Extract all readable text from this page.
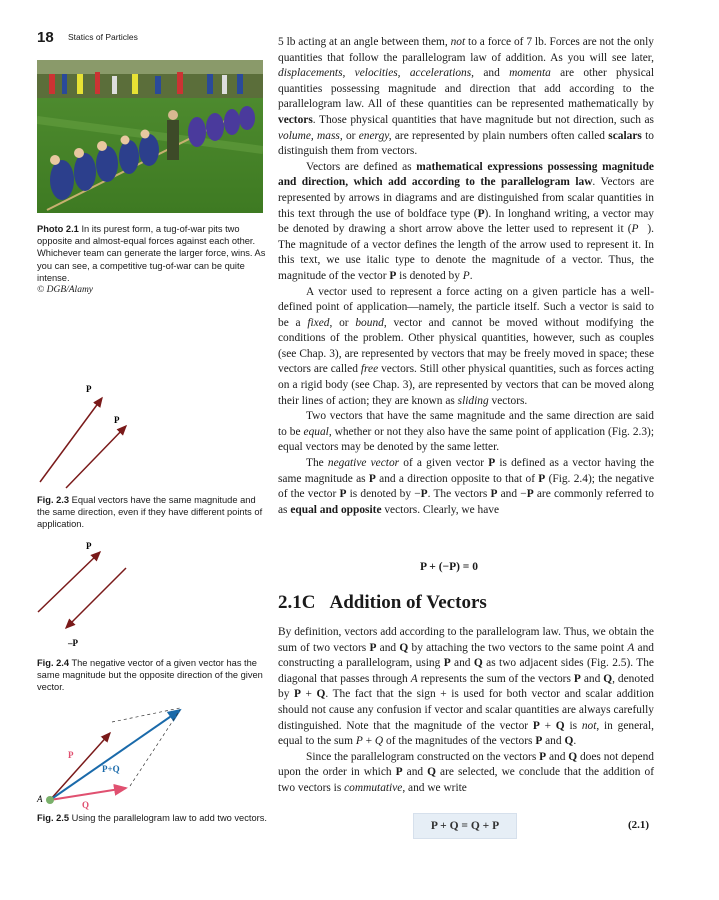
18 Statics of Particles
Photo 2.1 In its purest form, a tug-of-war pits two opposite and almost-equal forces against each other. Whichever team can generate the larger force, wins. As you can see, a competitive tug-of-war can be quite intense.
© DGB/Alamy
P
P
Fig. 2.3 Equal vectors have the same magnitude and the same direction, even if they have different points of application.
P
–P
Fig. 2.4 The negative vector of a given vector has the same magnitude but the opposite direction of the given vector.
P
P+Q
Q
A
Fig. 2.5 Using the parallelogram law to add two vectors.

5 lb acting at an angle between them, not to a force of 7 lb. Forces are not the only quantities that follow the parallelogram law of addition. As you will see later, displacements, velocities, accelerations, and momenta are other physical quantities possessing magnitude and direction that add according to the parallelogram law. All of these quantities can be represented mathematically by vectors. Those physical quantities that have magnitude but not direction, such as volume, mass, or energy, are represented by plain numbers often called scalars to distinguish them from vectors.

Vectors are defined as mathematical expressions possessing magnitude and direction, which add according to the parallelogram law. Vectors are represented by arrows in diagrams and are distinguished from scalar quantities in this text through the use of boldface type (P). In longhand writing, a vector may be denoted by drawing a short arrow above the letter used to represent it (P⃗). The magnitude of a vector defines the length of the arrow used to represent it. In this text, we use italic type to denote the magnitude of a vector. Thus, the magnitude of the vector P is denoted by P.

A vector used to represent a force acting on a given particle has a well-defined point of application—namely, the particle itself. Such a vector is said to be a fixed, or bound, vector and cannot be moved without modifying the conditions of the problem. Other physical quantities, however, such as couples (see Chap. 3), are represented by vectors that may be freely moved in space; these vectors are called free vectors. Still other physical quantities, such as forces acting on a rigid body (see Chap. 3), are represented by vectors that can be moved along their lines of action; they are known as sliding vectors.

Two vectors that have the same magnitude and the same direction are said to be equal, whether or not they also have the same point of application (Fig. 2.3); equal vectors may be denoted by the same letter.

The negative vector of a given vector P is defined as a vector having the same magnitude as P and a direction opposite to that of P (Fig. 2.4); the negative of the vector P is denoted by −P. The vectors P and −P are commonly referred to as equal and opposite vectors. Clearly, we have

P + (−P) = 0
2.1C Addition of Vectors

By definition, vectors add according to the parallelogram law. Thus, we obtain the sum of two vectors P and Q by attaching the two vectors to the same point A and constructing a parallelogram, using P and Q as two adjacent sides (Fig. 2.5). The diagonal that passes through A represents the sum of the vectors P and Q, denoted by P + Q. The fact that the sign + is used for both vector and scalar addition should not cause any confusion if vector and scalar quantities are always carefully distinguished. Note that the magnitude of the vector P + Q is not, in general, equal to the sum P + Q of the magnitudes of the vectors P and Q.

Since the parallelogram constructed on the vectors P and Q does not depend upon the order in which P and Q are selected, we conclude that the addition of two vectors is commutative, and we write

P + Q = Q + P	(2.1)
